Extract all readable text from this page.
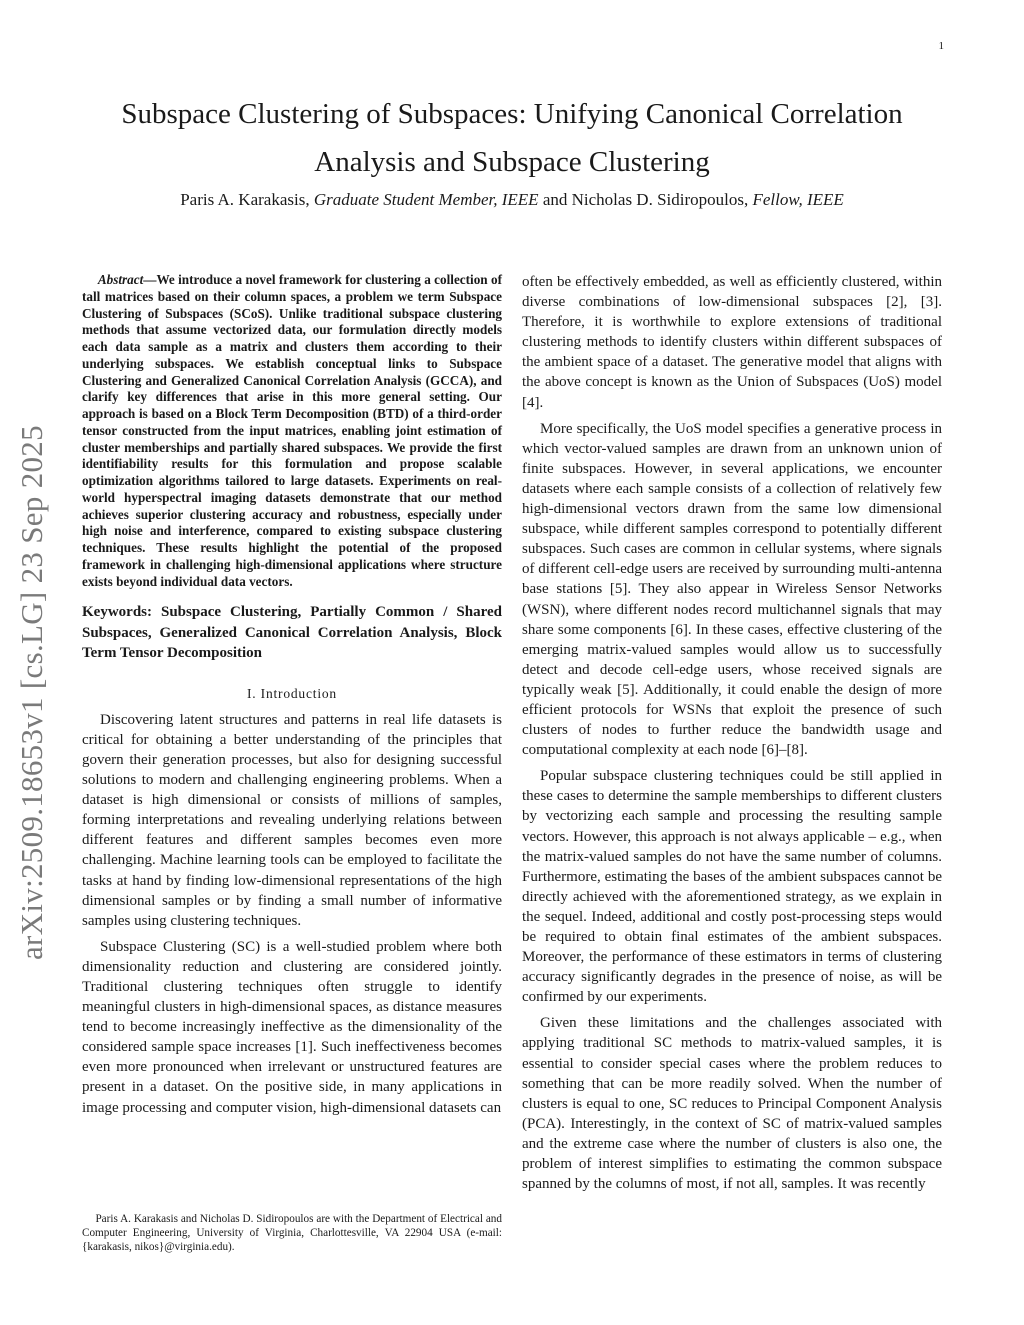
1
arXiv:2509.18653v1 [cs.LG] 23 Sep 2025
Subspace Clustering of Subspaces: Unifying Canonical Correlation Analysis and Subspace Clustering
Paris A. Karakasis, Graduate Student Member, IEEE and Nicholas D. Sidiropoulos, Fellow, IEEE

Abstract—We introduce a novel framework for clustering a collection of tall matrices based on their column spaces, a problem we term Subspace Clustering of Subspaces (SCoS). Unlike traditional subspace clustering methods that assume vectorized data, our formulation directly models each data sample as a matrix and clusters them according to their underlying subspaces. We establish conceptual links to Subspace Clustering and Generalized Canonical Correlation Analysis (GCCA), and clarify key differences that arise in this more general setting. Our approach is based on a Block Term Decomposition (BTD) of a third-order tensor constructed from the input matrices, enabling joint estimation of cluster memberships and partially shared subspaces. We provide the first identifiability results for this formulation and propose scalable optimization algorithms tailored to large datasets. Experiments on real-world hyperspectral imaging datasets demonstrate that our method achieves superior clustering accuracy and robustness, especially under high noise and interference, compared to existing subspace clustering techniques. These results highlight the potential of the proposed framework in challenging high-dimensional applications where structure exists beyond individual data vectors.

Keywords: Subspace Clustering, Partially Common / Shared Subspaces, Generalized Canonical Correlation Analysis, Block Term Tensor Decomposition

I. Introduction

Discovering latent structures and patterns in real life datasets is critical for obtaining a better understanding of the principles that govern their generation processes, but also for designing successful solutions to modern and challenging engineering problems. When a dataset is high dimensional or consists of millions of samples, forming interpretations and revealing underlying relations between different features and different samples becomes even more challenging. Machine learning tools can be employed to facilitate the tasks at hand by finding low-dimensional representations of the high dimensional samples or by finding a small number of informative samples using clustering techniques.

Subspace Clustering (SC) is a well-studied problem where both dimensionality reduction and clustering are considered jointly. Traditional clustering techniques often struggle to identify meaningful clusters in high-dimensional spaces, as distance measures tend to become increasingly ineffective as the dimensionality of the considered sample space increases [1]. Such ineffectiveness becomes even more pronounced when irrelevant or unstructured features are present in a dataset. On the positive side, in many applications in image processing and computer vision, high-dimensional datasets can

Paris A. Karakasis and Nicholas D. Sidiropoulos are with the Department of Electrical and Computer Engineering, University of Virginia, Charlottesville, VA 22904 USA (e-mail: {karakasis, nikos}@virginia.edu).

often be effectively embedded, as well as efficiently clustered, within diverse combinations of low-dimensional subspaces [2], [3]. Therefore, it is worthwhile to explore extensions of traditional clustering methods to identify clusters within different subspaces of the ambient space of a dataset. The generative model that aligns with the above concept is known as the Union of Subspaces (UoS) model [4].

More specifically, the UoS model specifies a generative process in which vector-valued samples are drawn from an unknown union of finite subspaces. However, in several applications, we encounter datasets where each sample consists of a collection of relatively few high-dimensional vectors drawn from the same low dimensional subspace, while different samples correspond to potentially different subspaces. Such cases are common in cellular systems, where signals of different cell-edge users are received by surrounding multi-antenna base stations [5]. They also appear in Wireless Sensor Networks (WSN), where different nodes record multichannel signals that may share some components [6]. In these cases, effective clustering of the emerging matrix-valued samples would allow us to successfully detect and decode cell-edge users, whose received signals are typically weak [5]. Additionally, it could enable the design of more efficient protocols for WSNs that exploit the presence of such clusters of nodes to further reduce the bandwidth usage and computational complexity at each node [6]–[8].

Popular subspace clustering techniques could be still applied in these cases to determine the sample memberships to different clusters by vectorizing each sample and processing the resulting sample vectors. However, this approach is not always applicable – e.g., when the matrix-valued samples do not have the same number of columns. Furthermore, estimating the bases of the ambient subspaces cannot be directly achieved with the aforementioned strategy, as we explain in the sequel. Indeed, additional and costly post-processing steps would be required to obtain final estimates of the ambient subspaces. Moreover, the performance of these estimators in terms of clustering accuracy significantly degrades in the presence of noise, as will be confirmed by our experiments.

Given these limitations and the challenges associated with applying traditional SC methods to matrix-valued samples, it is essential to consider special cases where the problem reduces to something that can be more readily solved. When the number of clusters is equal to one, SC reduces to Principal Component Analysis (PCA). Interestingly, in the context of SC of matrix-valued samples and the extreme case where the number of clusters is also one, the problem of interest simplifies to estimating the common subspace spanned by the columns of most, if not all, samples. It was recently
